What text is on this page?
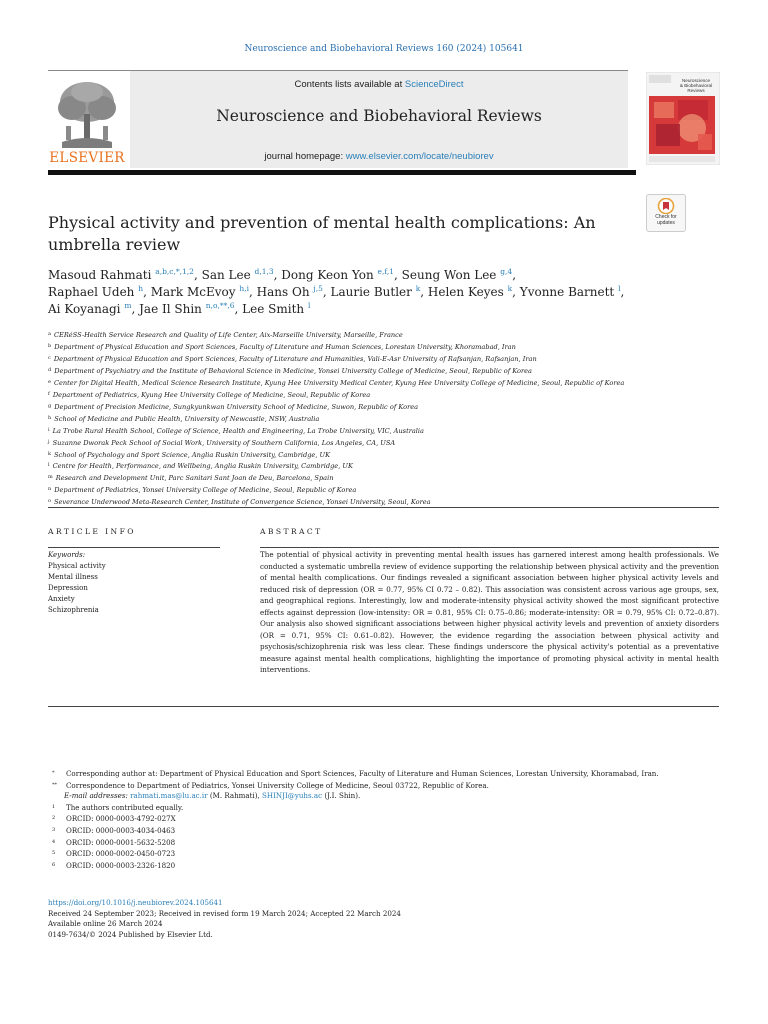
Neuroscience and Biobehavioral Reviews 160 (2024) 105641
ELSEVIER
Contents lists available at ScienceDirect
Neuroscience and Biobehavioral Reviews
journal homepage: www.elsevier.com/locate/neubiorev
Neuroscience
& Biobehavioral
Reviews
Check for updates
Physical activity and prevention of mental health complications: An umbrella review
Masoud Rahmati $^{a,b,c,*,1,2}$, San Lee $^{d,1,3}$, Dong Keon Yon $^{e,f,1}$, Seung Won Lee $^{g,4}$,
Raphael Udeh $^h$, Mark McEvoy $^{h,i}$, Hans Oh $^{j,5}$, Laurie Butler $^k$, Helen Keyes $^k$, Yvonne Barnett $^l$,
Ai Koyanagi $^m$, Jae Il Shin $^{n,o,**,6}$, Lee Smith $^l$
$^a$ CERéSS-Health Service Research and Quality of Life Center, Aix-Marseille University, Marseille, France
$^b$ Department of Physical Education and Sport Sciences, Faculty of Literature and Human Sciences, Lorestan University, Khoramabad, Iran
$^c$ Department of Physical Education and Sport Sciences, Faculty of Literature and Humanities, Vali-E-Asr University of Rafsanjan, Rafsanjan, Iran
$^d$ Department of Psychiatry and the Institute of Behavioral Science in Medicine, Yonsei University College of Medicine, Seoul, Republic of Korea
$^e$ Center for Digital Health, Medical Science Research Institute, Kyung Hee University Medical Center, Kyung Hee University College of Medicine, Seoul, Republic of Korea
$^f$ Department of Pediatrics, Kyung Hee University College of Medicine, Seoul, Republic of Korea
$^g$ Department of Precision Medicine, Sungkyunkwan University School of Medicine, Suwon, Republic of Korea
$^h$ School of Medicine and Public Health, University of Newcastle, NSW, Australia
$^i$ La Trobe Rural Health School, College of Science, Health and Engineering, La Trobe University, VIC, Australia
$^j$ Suzanne Dworak Peck School of Social Work, University of Southern California, Los Angeles, CA, USA
$^k$ School of Psychology and Sport Science, Anglia Ruskin University, Cambridge, UK
$^l$ Centre for Health, Performance, and Wellbeing, Anglia Ruskin University, Cambridge, UK
$^m$ Research and Development Unit, Parc Sanitari Sant Joan de Deu, Barcelona, Spain
$^n$ Department of Pediatrics, Yonsei University College of Medicine, Seoul, Republic of Korea
$^o$ Severance Underwood Meta-Research Center, Institute of Convergence Science, Yonsei University, Seoul, Korea
ARTICLE INFO	ABSTRACT
Keywords:
Physical activity
Mental illness
Depression
Anxiety
Schizophrenia
The potential of physical activity in preventing mental health issues has garnered interest among health professionals. We conducted a systematic umbrella review of evidence supporting the relationship between physical activity and the prevention of mental health complications. Our findings revealed a significant association between higher physical activity levels and reduced risk of depression (OR = 0.77, 95% CI 0.72 – 0.82). This association was consistent across various age groups, sex, and geographical regions. Interestingly, low and moderate-intensity physical activity showed the most significant protective effects against depression (low-intensity: OR = 0.81, 95% CI: 0.75–0.86; moderate-intensity: OR = 0.79, 95% CI: 0.72–0.87). Our analysis also showed significant associations between higher physical activity levels and prevention of anxiety disorders (OR = 0.71, 95% CI: 0.61–0.82). However, the evidence regarding the association between physical activity and psychosis/schizophrenia risk was less clear. These findings underscore the physical activity's potential as a preventative measure against mental health complications, highlighting the importance of promoting physical activity in mental health interventions.

* Corresponding author at: Department of Physical Education and Sport Sciences, Faculty of Literature and Human Sciences, Lorestan University, Khoramabad, Iran.

** Correspondence to Department of Pediatrics, Yonsei University College of Medicine, Seoul 03722, Republic of Korea.

E-mail addresses: rahmati.mas@lu.ac.ir (M. Rahmati), SHINJI@yuhs.ac (J.I. Shin).

1 The authors contributed equally.

2 ORCID: 0000-0003-4792-027X

3 ORCID: 0000-0003-4034-0463

4 ORCID: 0000-0001-5632-5208

5 ORCID: 0000-0002-0450-0723

6 ORCID: 0000-0003-2326-1820

https://doi.org/10.1016/j.neubiorev.2024.105641
Received 24 September 2023; Received in revised form 19 March 2024; Accepted 22 March 2024
Available online 26 March 2024
0149-7634/© 2024 Published by Elsevier Ltd.
